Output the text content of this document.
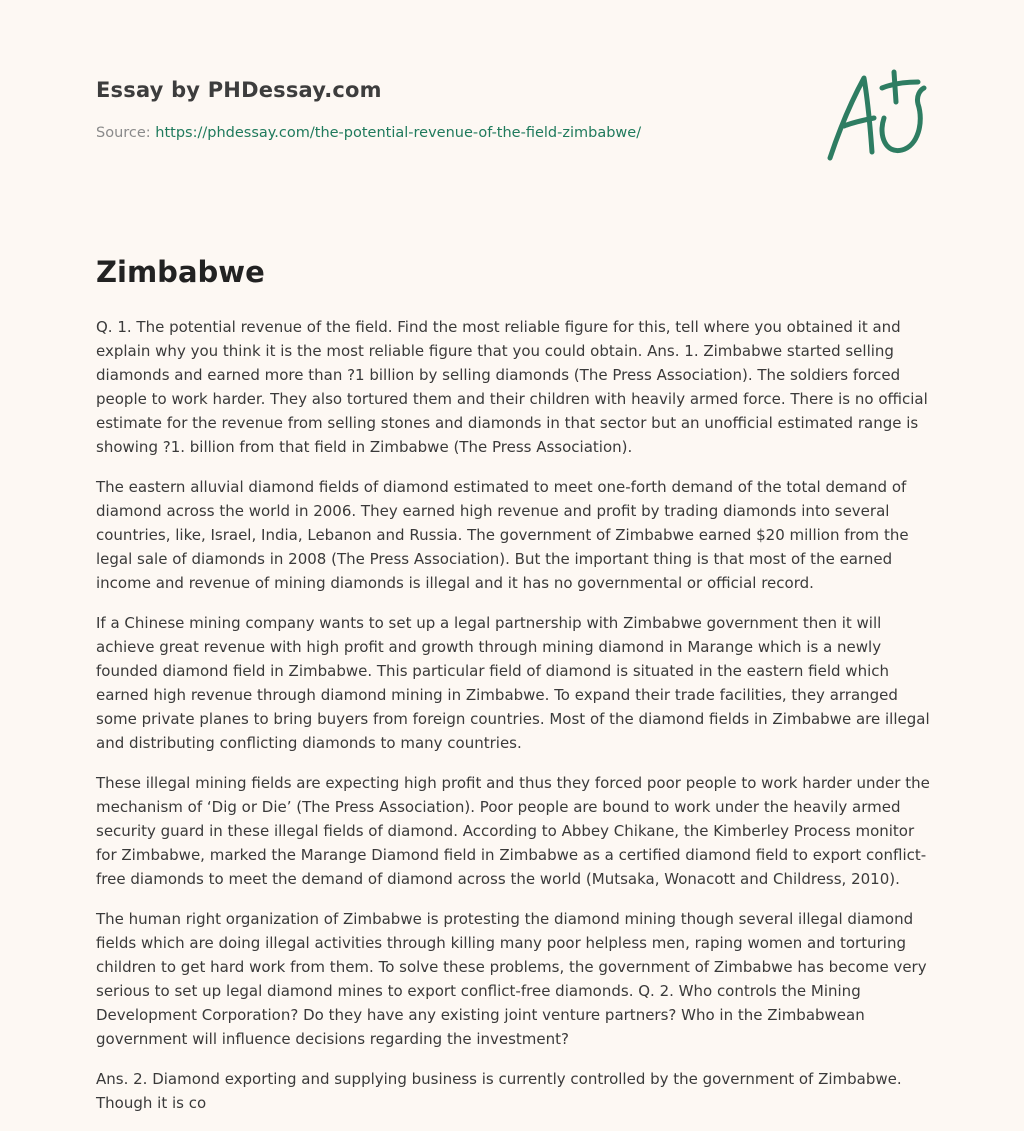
Essay by PHDessay.com
Source: https://phdessay.com/the-potential-revenue-of-the-field-zimbabwe/
Zimbabwe

Q. 1. The potential revenue of the field. Find the most reliable figure for this, tell where you obtained it and explain why you think it is the most reliable figure that you could obtain. Ans. 1. Zimbabwe started selling diamonds and earned more than ?1 billion by selling diamonds (The Press Association). The soldiers forced people to work harder. They also tortured them and their children with heavily armed force. There is no official estimate for the revenue from selling stones and diamonds in that sector but an unofficial estimated range is showing ?1. billion from that field in Zimbabwe (The Press Association).

The eastern alluvial diamond fields of diamond estimated to meet one-forth demand of the total demand of diamond across the world in 2006. They earned high revenue and profit by trading diamonds into several countries, like, Israel, India, Lebanon and Russia. The government of Zimbabwe earned $20 million from the legal sale of diamonds in 2008 (The Press Association). But the important thing is that most of the earned income and revenue of mining diamonds is illegal and it has no governmental or official record.

If a Chinese mining company wants to set up a legal partnership with Zimbabwe government then it will achieve great revenue with high profit and growth through mining diamond in Marange which is a newly founded diamond field in Zimbabwe. This particular field of diamond is situated in the eastern field which earned high revenue through diamond mining in Zimbabwe. To expand their trade facilities, they arranged some private planes to bring buyers from foreign countries. Most of the diamond fields in Zimbabwe are illegal and distributing conflicting diamonds to many countries.

These illegal mining fields are expecting high profit and thus they forced poor people to work harder under the mechanism of ‘Dig or Die’ (The Press Association). Poor people are bound to work under the heavily armed security guard in these illegal fields of diamond. According to Abbey Chikane, the Kimberley Process monitor for Zimbabwe, marked the Marange Diamond field in Zimbabwe as a certified diamond field to export conflict-free diamonds to meet the demand of diamond across the world (Mutsaka, Wonacott and Childress, 2010).

The human right organization of Zimbabwe is protesting the diamond mining though several illegal diamond fields which are doing illegal activities through killing many poor helpless men, raping women and torturing children to get hard work from them. To solve these problems, the government of Zimbabwe has become very serious to set up legal diamond mines to export conflict-free diamonds. Q. 2. Who controls the Mining Development Corporation? Do they have any existing joint venture partners? Who in the Zimbabwean government will influence decisions regarding the investment?

Ans. 2. Diamond exporting and supplying business is currently controlled by the government of Zimbabwe. Though it is co
